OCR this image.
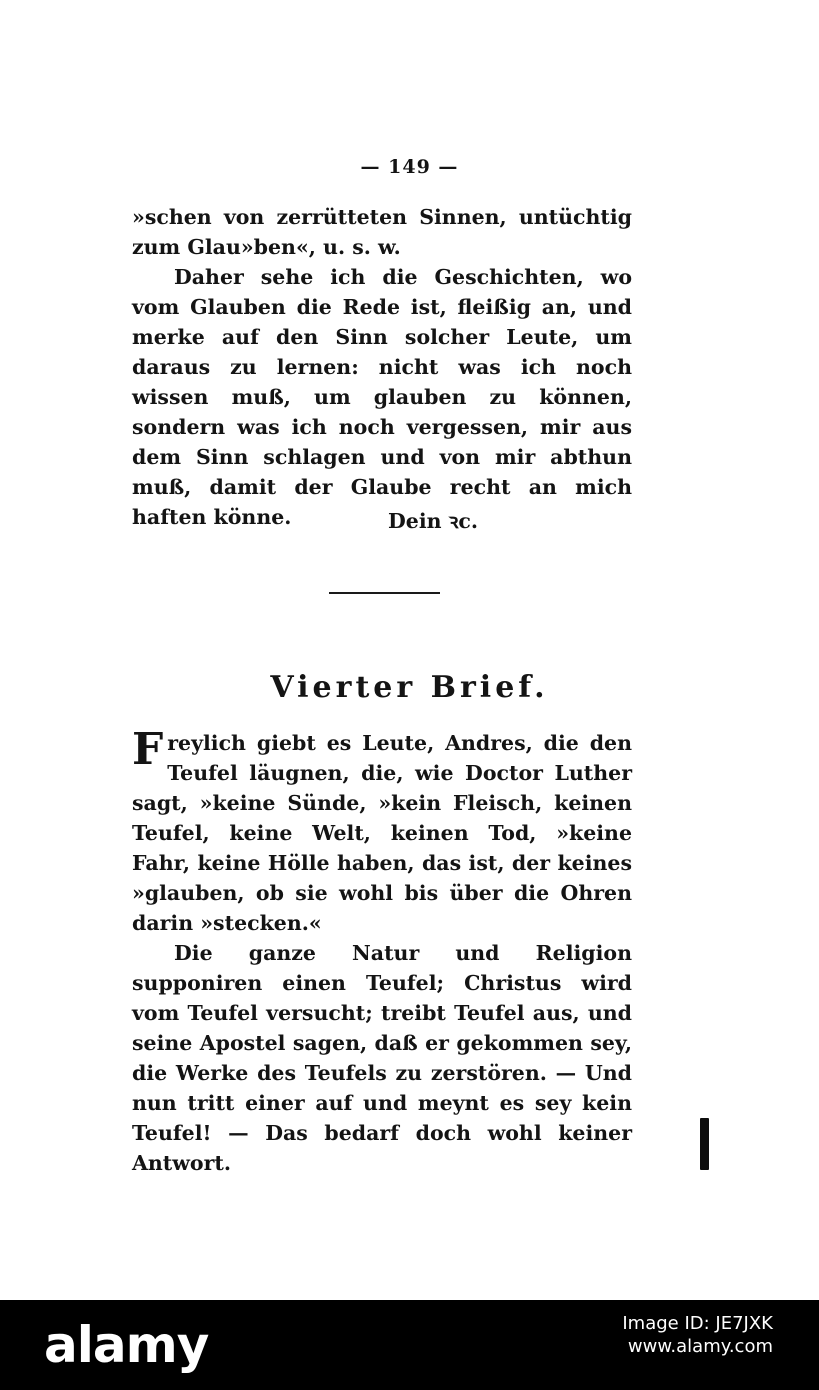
— 149 —

»schen von zerrütteten Sinnen, untüchtig zum Glau»ben«, u. s. w.

Daher sehe ich die Geschichten, wo vom Glauben die Rede ist, fleißig an, und merke auf den Sinn solcher Leute, um daraus zu lernen: nicht was ich noch wissen muß, um glauben zu können, sondern was ich noch vergessen, mir aus dem Sinn schlagen und von mir abthun muß, damit der Glaube recht an mich haften könne.	Dein ꝛc.
Vierter Brief.

Freylich giebt es Leute, Andres, die den Teufel läugnen, die, wie Doctor Luther sagt, »keine Sünde, »kein Fleisch, keinen Teufel, keine Welt, keinen Tod, »keine Fahr, keine Hölle haben, das ist, der keines »glauben, ob sie wohl bis über die Ohren darin »stecken.«

Die ganze Natur und Religion supponiren einen Teufel; Christus wird vom Teufel versucht; treibt Teufel aus, und seine Apostel sagen, daß er gekommen sey, die Werke des Teufels zu zerstören. — Und nun tritt einer auf und meynt es sey kein Teufel! — Das bedarf doch wohl keiner Antwort.

alamy	Image ID: JE7JXK
www.alamy.com
